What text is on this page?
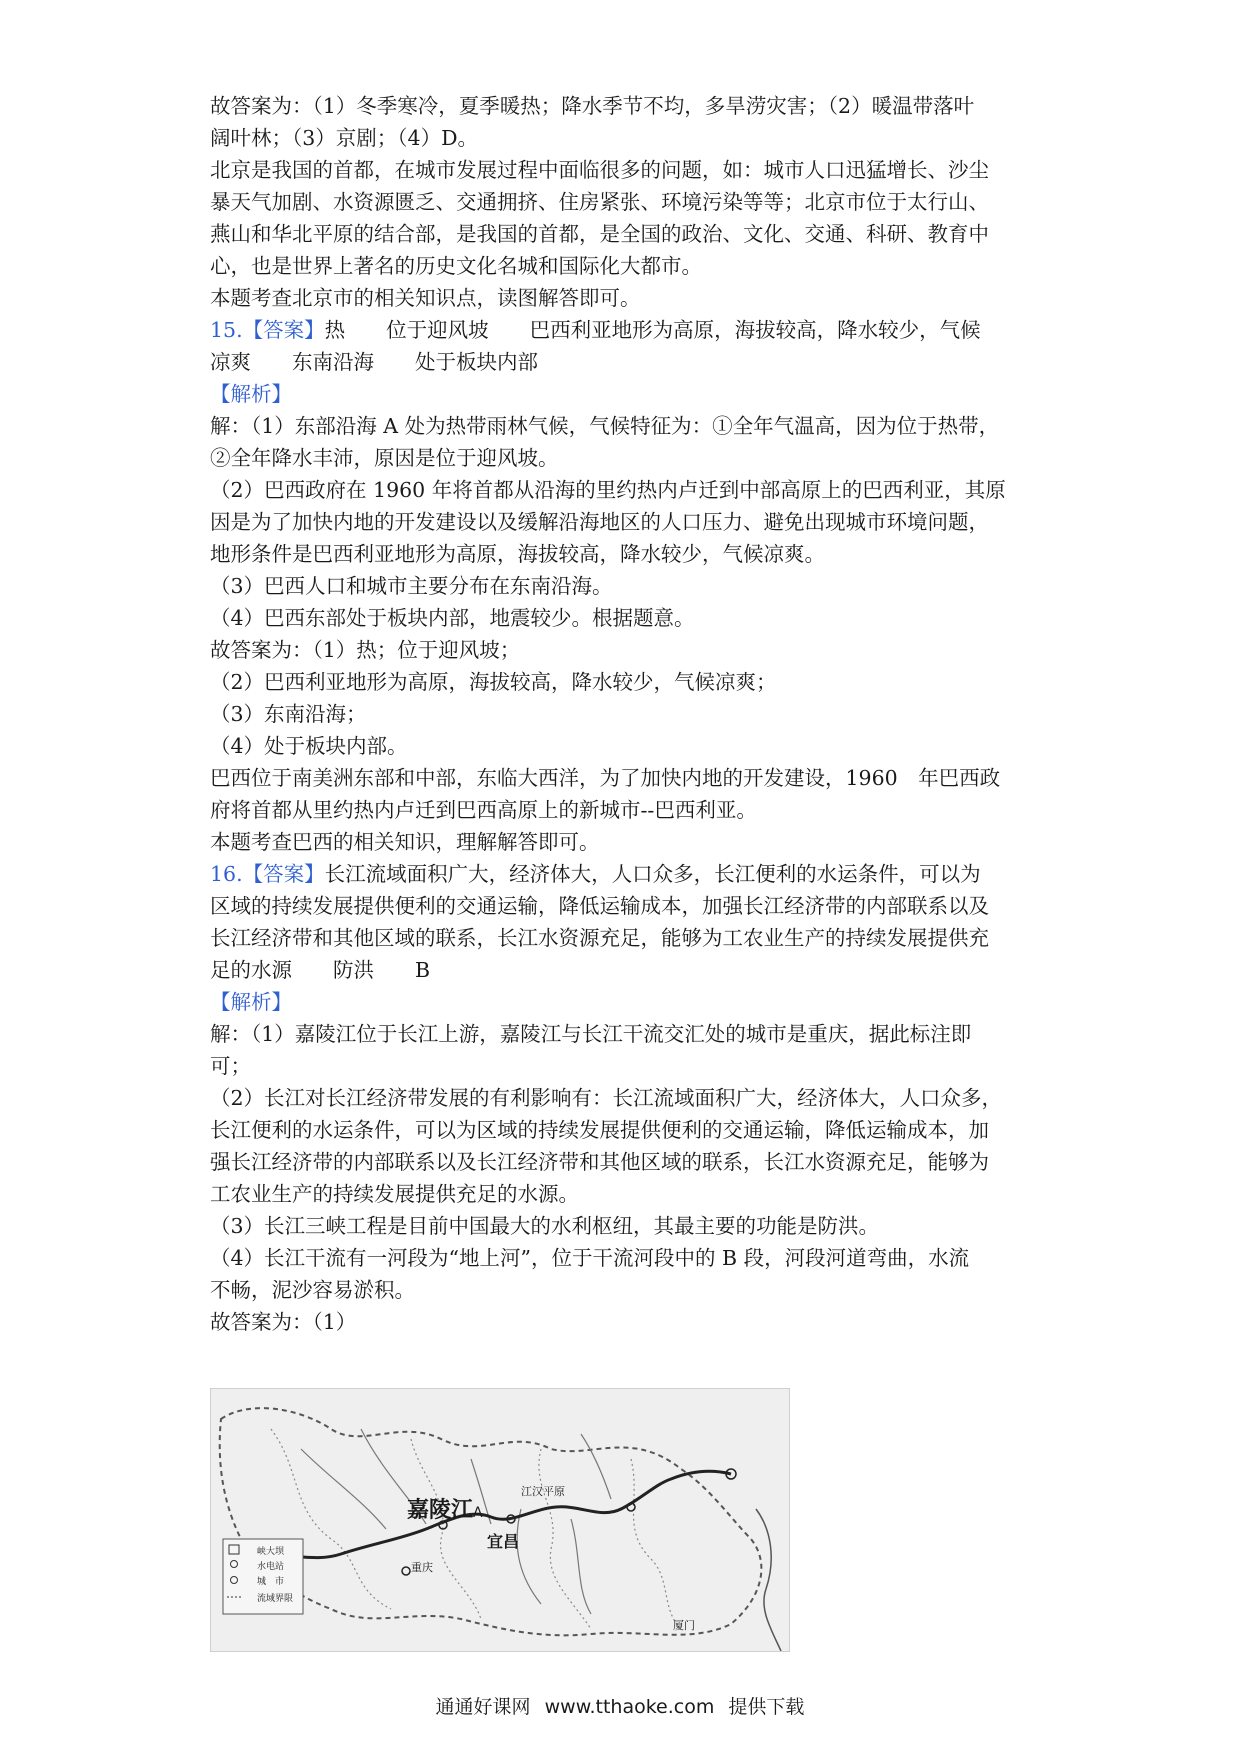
故答案为：（1）冬季寒冷，夏季暖热；降水季节不均，多旱涝灾害；（2）暖温带落叶
阔叶林；（3）京剧；（4）D。
北京是我国的首都，在城市发展过程中面临很多的问题，如：城市人口迅猛增长、沙尘
暴天气加剧、水资源匮乏、交通拥挤、住房紧张、环境污染等等；北京市位于太行山、
燕山和华北平原的结合部，是我国的首都，是全国的政治、文化、交通、科研、教育中
心，也是世界上著名的历史文化名城和国际化大都市。
本题考查北京市的相关知识点，读图解答即可。
15.【答案】热　　位于迎风坡　　巴西利亚地形为高原，海拔较高，降水较少，气候
凉爽　　东南沿海　　处于板块内部
【解析】
解：（1）东部沿海 A 处为热带雨林气候，气候特征为：①全年气温高，因为位于热带，
②全年降水丰沛，原因是位于迎风坡。
（2）巴西政府在 1960 年将首都从沿海的里约热内卢迁到中部高原上的巴西利亚，其原
因是为了加快内地的开发建设以及缓解沿海地区的人口压力、避免出现城市环境问题，
地形条件是巴西利亚地形为高原，海拔较高，降水较少，气候凉爽。
（3）巴西人口和城市主要分布在东南沿海。
（4）巴西东部处于板块内部，地震较少。根据题意。
故答案为：（1）热；位于迎风坡；
（2）巴西利亚地形为高原，海拔较高，降水较少，气候凉爽；
（3）东南沿海；
（4）处于板块内部。
巴西位于南美洲东部和中部，东临大西洋，为了加快内地的开发建设，1960　年巴西政
府将首都从里约热内卢迁到巴西高原上的新城市--巴西利亚。
本题考查巴西的相关知识，理解解答即可。
16.【答案】长江流域面积广大，经济体大，人口众多，长江便利的水运条件，可以为
区域的持续发展提供便利的交通运输，降低运输成本，加强长江经济带的内部联系以及
长江经济带和其他区域的联系，长江水资源充足，能够为工农业生产的持续发展提供充
足的水源　　防洪　　B
【解析】
解：（1）嘉陵江位于长江上游，嘉陵江与长江干流交汇处的城市是重庆，据此标注即
可；
（2）长江对长江经济带发展的有利影响有：长江流域面积广大，经济体大，人口众多，
长江便利的水运条件，可以为区域的持续发展提供便利的交通运输，降低运输成本，加
强长江经济带的内部联系以及长江经济带和其他区域的联系，长江水资源充足，能够为
工农业生产的持续发展提供充足的水源。
（3）长江三峡工程是目前中国最大的水利枢纽，其最主要的功能是防洪。
（4）长江干流有一河段为“地上河”，位于干流河段中的 B 段，河段河道弯曲，水流
不畅，泥沙容易淤积。
故答案为：（1）
嘉陵江 A
宜昌
江汉平原
重庆
厦门
峡大坝
水电站
城　市
流域界限
通通好课网 www.tthaoke.com 提供下载
